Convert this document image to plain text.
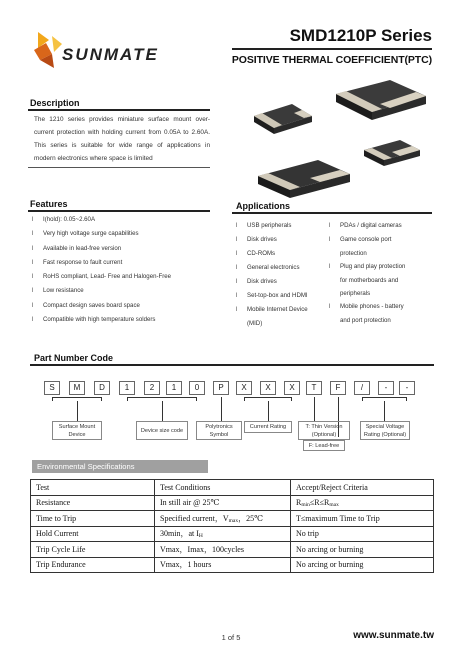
SUNMATE
SMD1210P Series
POSITIVE THERMAL COEFFICIENT(PTC)
Description
The 1210 series provides miniature surface mount over-current protection with holding current from 0.05A to 2.60A. This series is suitable for wide range of applications in modern electronics where space is limited
Features
l I(hold): 0.05~2.60A
l Very high voltage surge capabilities
l Available in lead-free version
l Fast response to fault current
l RoHS compliant, Lead- Free and Halogen-Free
l Low resistance
l Compact design saves board space
l Compatible with high temperature solders
Applications
l USB peripherals
l Disk drives
l CD-ROMs
l General electronics
l Disk drives
l Set-top-box and HDMI
l Mobile Internet Device
(MID)
l PDAs / digital cameras
l Game console port
protection
l Plug and play protection
for motherboards and
peripherals
l Mobile phones - battery
and port protection
Part Number Code
S	M	D	1	2	1	0	P	X	X	X	T	F	/	-	-
Surface Mount Device
Device size code
Polytronics Symbol
Current Rating	T: Thin Version (Optional)
F: Lead-free
Special Voltage Rating (Optional)
Environmental Specifications
Test	Test Conditions	Accept/Reject Criteria
Resistance	In still air @ 25℃	Rmin≤R≤Rmax
Time to Trip	Specified current，Vmax，25℃	T≤maximum Time to Trip
Hold Current	30min，at IH	No trip
Trip Cycle Life	Vmax，Imax，100cycles	No arcing or burning
Trip Endurance	Vmax，1 hours	No arcing or burning
1 of 5	www.sunmate.tw
